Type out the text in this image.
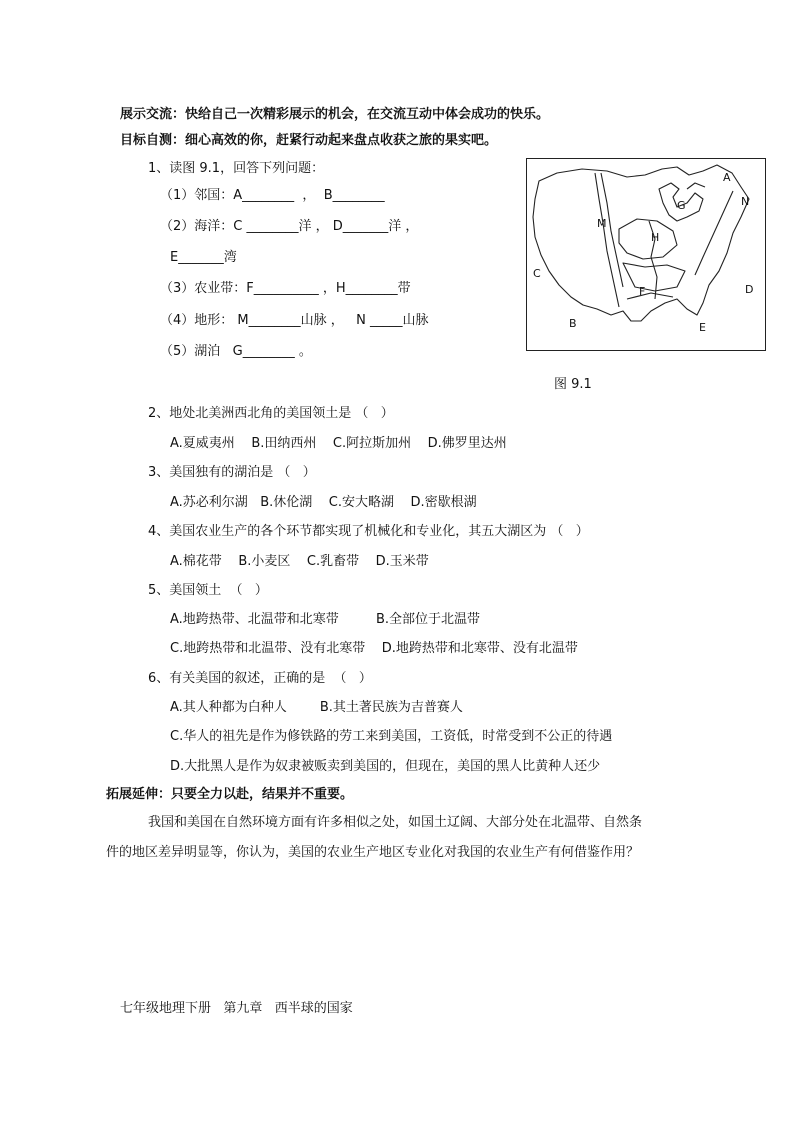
展示交流：快给自己一次精彩展示的机会，在交流互动中体会成功的快乐。
目标自测：细心高效的你，赶紧行动起来盘点收获之旅的果实吧。
1、读图 9.1，回答下列问题：
（1）邻国：A________  ，  B________
（2）海洋：C ________洋 ， D_______洋 ，
E_______湾
（3）农业带：F__________ ，H________带
（4）地形： M________山脉 ，   N _____山脉
（5）湖泊   G________ 。
A
N
G
M
H
C
F	D
B	E
图 9.1
2、地处北美洲西北角的美国领土是 （   ）
A.夏威夷州    B.田纳西州    C.阿拉斯加州    D.佛罗里达州
3、美国独有的湖泊是 （   ）
A.苏必利尔湖   B.休伦湖    C.安大略湖    D.密歇根湖
4、美国农业生产的各个环节都实现了机械化和专业化，其五大湖区为 （   ）
A.棉花带    B.小麦区    C.乳畜带    D.玉米带
5、美国领土  （   ）
A.地跨热带、北温带和北寒带         B.全部位于北温带
C.地跨热带和北温带、没有北寒带    D.地跨热带和北寒带、没有北温带
6、有关美国的叙述，正确的是  （   ）
A.其人种都为白种人        B.其土著民族为吉普赛人
C.华人的祖先是作为修铁路的劳工来到美国，工资低，时常受到不公正的待遇
D.大批黑人是作为奴隶被贩卖到美国的，但现在，美国的黑人比黄种人还少
拓展延伸：只要全力以赴，结果并不重要。
我国和美国在自然环境方面有许多相似之处，如国土辽阔、大部分处在北温带、自然条
件的地区差异明显等，你认为，美国的农业生产地区专业化对我国的农业生产有何借鉴作用？
七年级地理下册   第九章   西半球的国家
